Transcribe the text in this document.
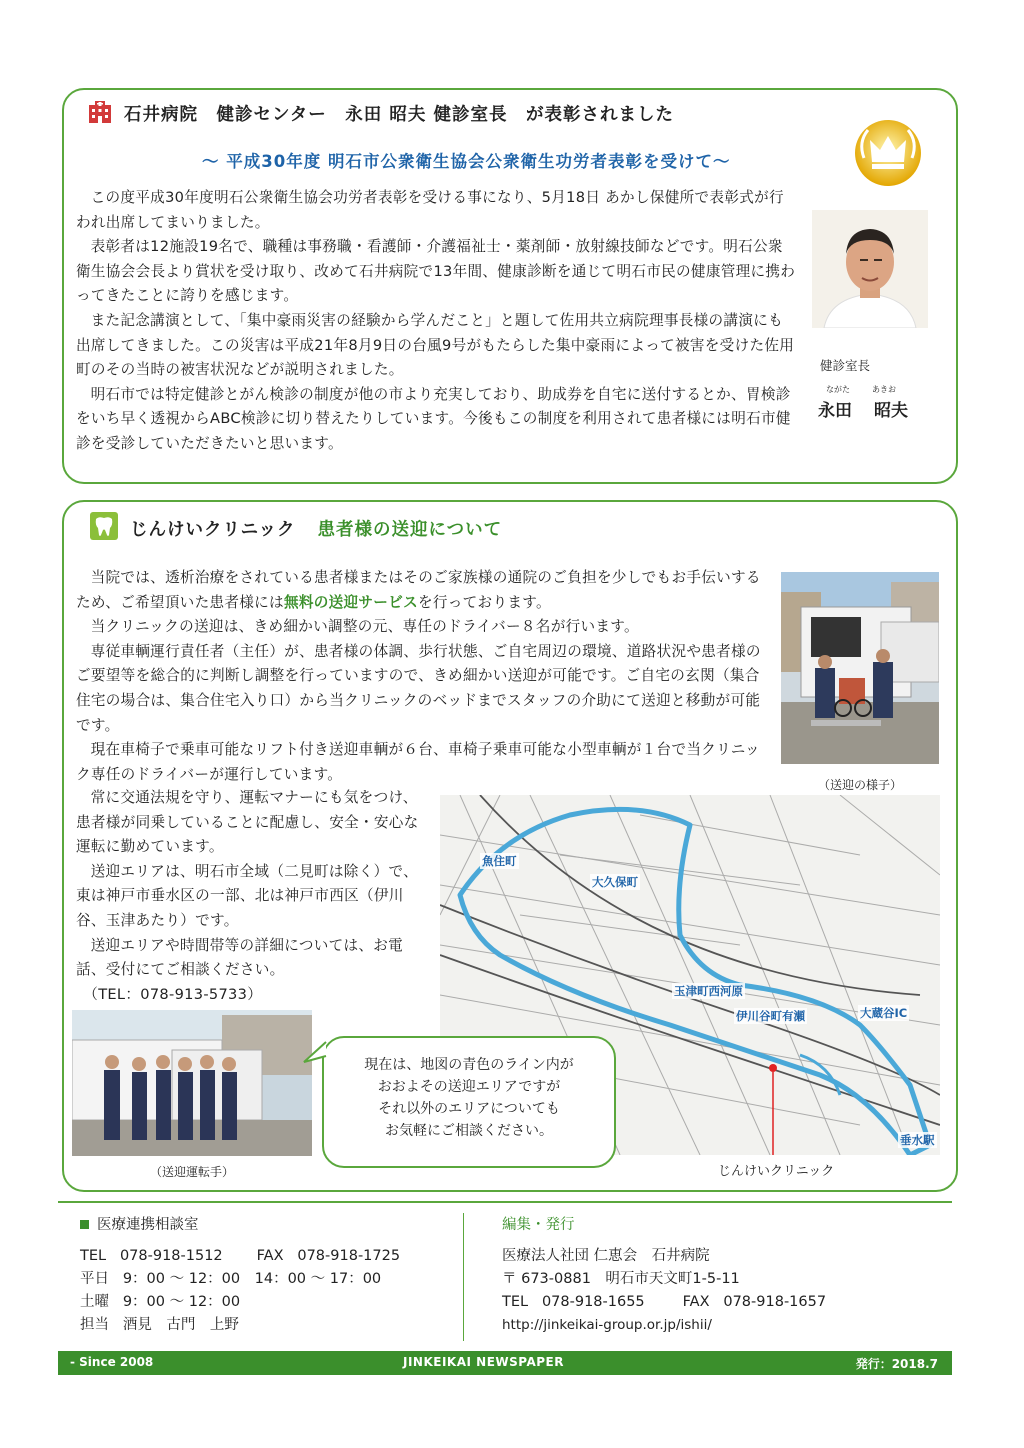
石井病院　健診センター　永田 昭夫 健診室長　が表彰されました
～ 平成30年度 明石市公衆衛生協会公衆衛生功労者表彰を受けて～

この度平成30年度明石公衆衛生協会功労者表彰を受ける事になり、5月18日 あかし保健所で表彰式が行われ出席してまいりました。

表彰者は12施設19名で、職種は事務職・看護師・介護福祉士・薬剤師・放射線技師などです。明石公衆衛生協会会長より賞状を受け取り、改めて石井病院で13年間、健康診断を通じて明石市民の健康管理に携わってきたことに誇りを感じます。

また記念講演として、「集中豪雨災害の経験から学んだこと」と題して佐用共立病院理事長様の講演にも出席してきました。この災害は平成21年8月9日の台風9号がもたらした集中豪雨によって被害を受けた佐用町のその当時の被害状況などが説明されました。

明石市では特定健診とがん検診の制度が他の市より充実しており、助成券を自宅に送付するとか、胃検診をいち早く透視からABC検診に切り替えたりしています。今後もこの制度を利用されて患者様には明石市健診を受診していただきたいと思います。

健診室長
ながた	あきお
永田 昭夫
じんけいクリニック 患者様の送迎について

当院では、透析治療をされている患者様またはそのご家族様の通院のご負担を少しでもお手伝いするため、ご希望頂いた患者様には無料の送迎サービスを行っております。

当クリニックの送迎は、きめ細かい調整の元、専任のドライバー８名が行います。

専従車輌運行責任者（主任）が、患者様の体調、歩行状態、ご自宅周辺の環境、道路状況や患者様のご要望等を総合的に判断し調整を行っていますので、きめ細かい送迎が可能です。ご自宅の玄関（集合住宅の場合は、集合住宅入り口）から当クリニックのベッドまでスタッフの介助にて送迎と移動が可能です。

現在車椅子で乗車可能なリフト付き送迎車輌が６台、車椅子乗車可能な小型車輌が１台で当クリニック専任のドライバーが運行しています。

（送迎の様子）

常に交通法規を守り、運転マナーにも気をつけ、患者様が同乗していることに配慮し、安全・安心な運転に勤めています。

送迎エリアは、明石市全域（二見町は除く）で、東は神戸市垂水区の一部、北は神戸市西区（伊川谷、玉津あたり）です。

送迎エリアや時間帯等の詳細については、お電話、受付にてご相談ください。

（TEL：078-913-5733）

魚住町
大久保町
玉津町西河原
伊川谷町有瀬	大蔵谷IC
垂水駅
じんけいクリニック
（送迎運転手）
現在は、地図の青色のライン内が
おおよその送迎エリアですが
それ以外のエリアについても
お気軽にご相談ください。
医療連携相談室
TEL 078-918-1512 FAX 078-918-1725
平日 9：00 ～ 12：00　14：00 ～ 17：00
土曜 9：00 ～ 12：00
担当 酒見　古門　上野
編集・発行
医療法人社団 仁恵会　石井病院
〒 673-0881　明石市天文町1-5-11
TEL 078-918-1655	FAX 078-918-1657
http://jinkeikai-group.or.jp/ishii/
- Since 2008	JINKEIKAI NEWSPAPER	発行：2018.7
